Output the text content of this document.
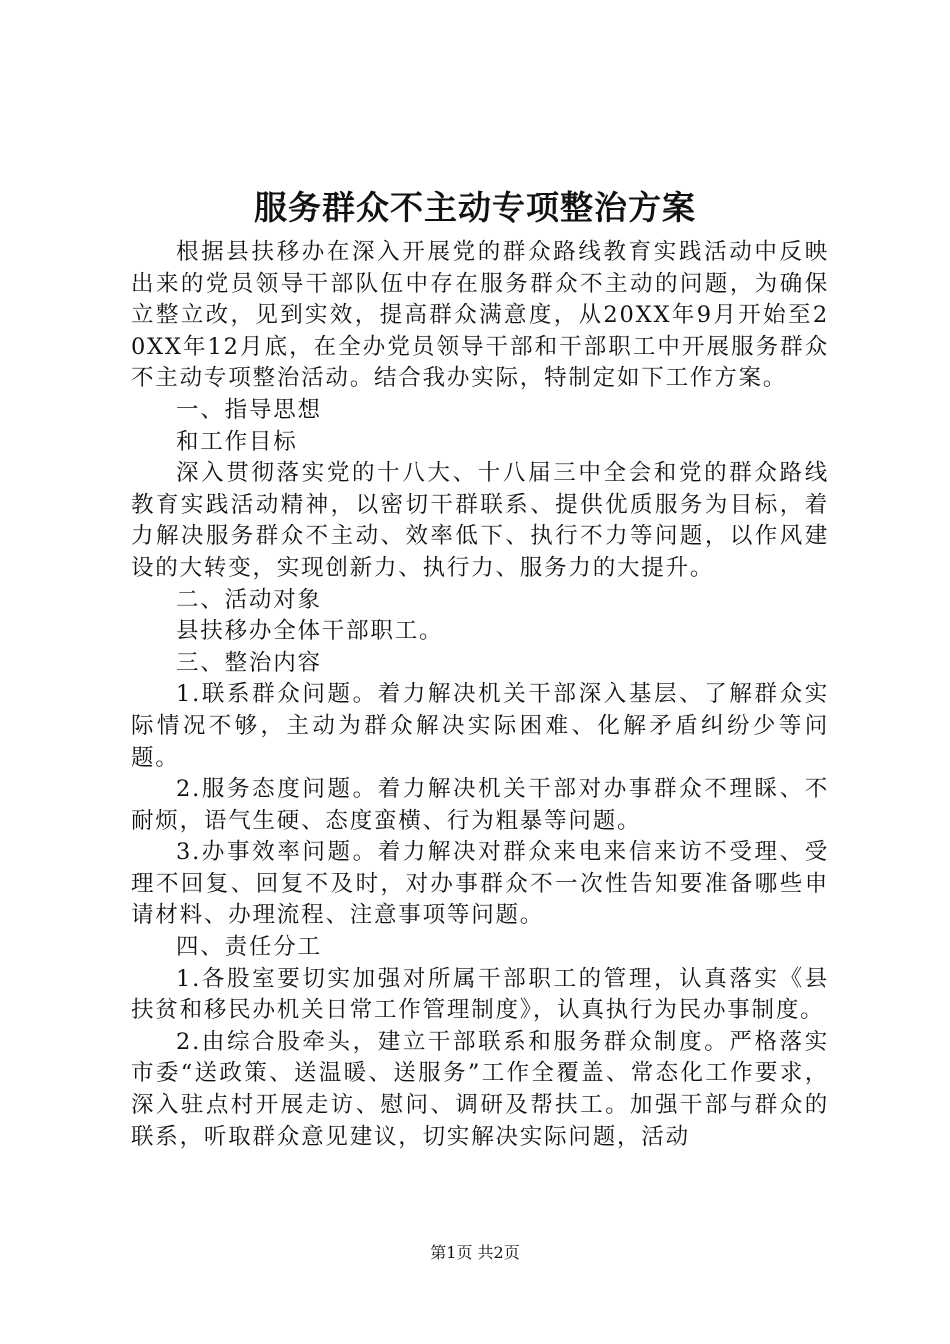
服务群众不主动专项整治方案

根据县扶移办在深入开展党的群众路线教育实践活动中反映出来的党员领导干部队伍中存在服务群众不主动的问题，为确保立整立改，见到实效，提高群众满意度，从20XX年9月开始至20XX年12月底，在全办党员领导干部和干部职工中开展服务群众不主动专项整治活动。结合我办实际，特制定如下工作方案。

一、指导思想

和工作目标

深入贯彻落实党的十八大、十八届三中全会和党的群众路线教育实践活动精神，以密切干群联系、提供优质服务为目标，着力解决服务群众不主动、效率低下、执行不力等问题，以作风建设的大转变，实现创新力、执行力、服务力的大提升。

二、活动对象

县扶移办全体干部职工。

三、整治内容

1.联系群众问题。着力解决机关干部深入基层、了解群众实际情况不够，主动为群众解决实际困难、化解矛盾纠纷少等问题。

2.服务态度问题。着力解决机关干部对办事群众不理睬、不耐烦，语气生硬、态度蛮横、行为粗暴等问题。

3.办事效率问题。着力解决对群众来电来信来访不受理、受理不回复、回复不及时，对办事群众不一次性告知要准备哪些申请材料、办理流程、注意事项等问题。

四、责任分工

1.各股室要切实加强对所属干部职工的管理，认真落实《县扶贫和移民办机关日常工作管理制度》，认真执行为民办事制度。

2.由综合股牵头，建立干部联系和服务群众制度。严格落实市委“送政策、送温暖、送服务”工作全覆盖、常态化工作要求，深入驻点村开展走访、慰问、调研及帮扶工。加强干部与群众的联系，听取群众意见建议，切实解决实际问题，活动

第1页 共2页
